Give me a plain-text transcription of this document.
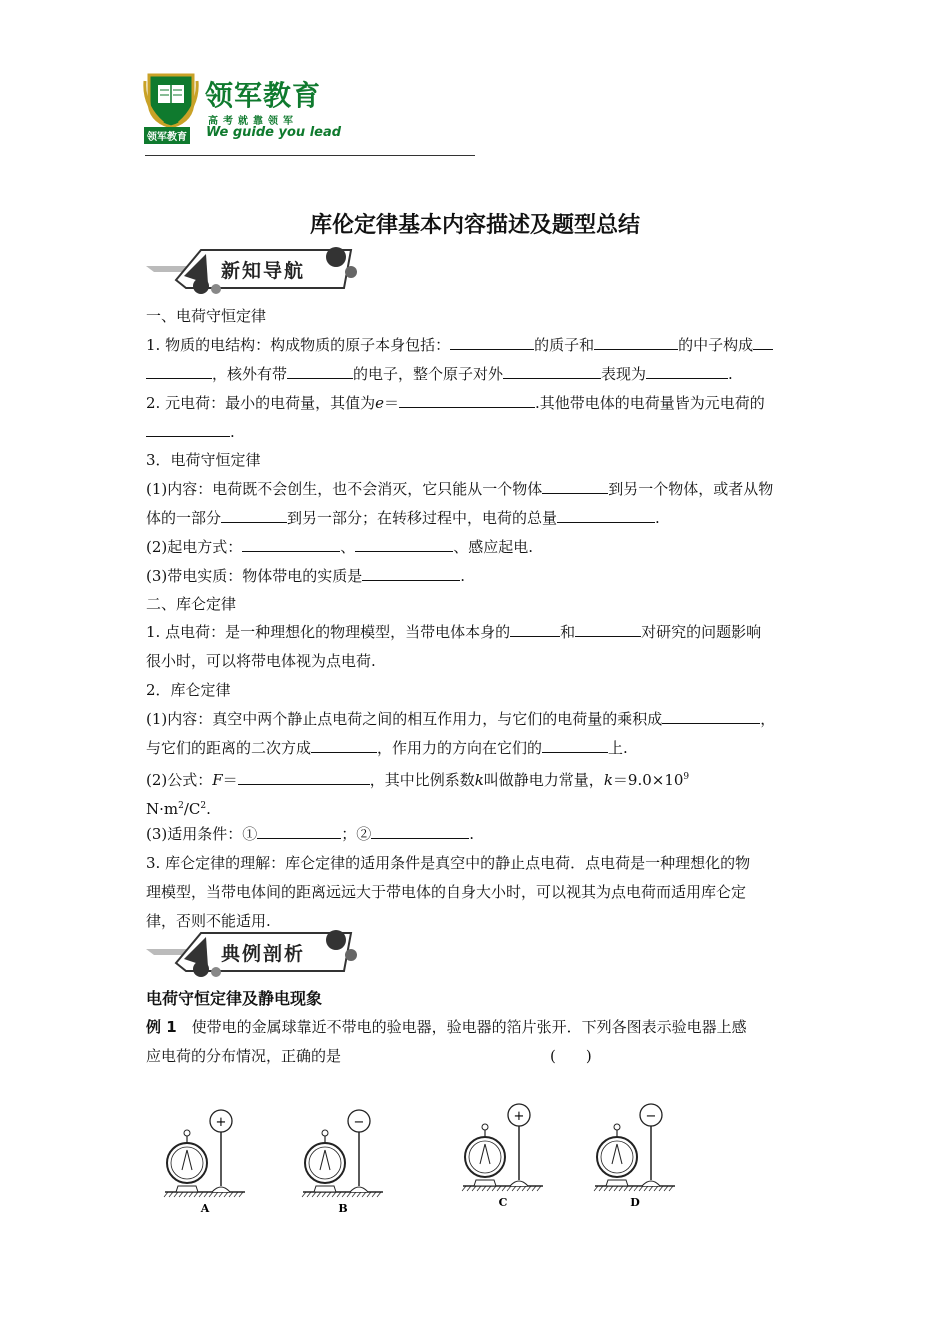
领军教育
领军教育
高考就靠领军
We guide you lead
库伦定律基本内容描述及题型总结
新知导航
一、电荷守恒定律
1. 物质的电结构：构成物质的原子本身包括：	的质子和	的中子构成
，核外有带	的电子，整个原子对外	表现为	.
2. 元电荷：最小的电荷量，其值为e＝	.其他带电体的电荷量皆为元电荷的
.
3．电荷守恒定律
(1)内容：电荷既不会创生，也不会消灭，它只能从一个物体	到另一个物体，或者从物
体的一部分	到另一部分；在转移过程中，电荷的总量	.
(2)起电方式：	、	、感应起电.
(3)带电实质：物体带电的实质是	.
二、库仑定律
1. 点电荷：是一种理想化的物理模型，当带电体本身的	和	对研究的问题影响
很小时，可以将带电体视为点电荷.
2．库仑定律
(1)内容：真空中两个静止点电荷之间的相互作用力，与它们的电荷量的乘积成	，
与它们的距离的二次方成	，作用力的方向在它们的	上.
(2)公式：F＝	，其中比例系数k叫做静电力常量，$k=9.0\times 10^9$
$N\cdot m^2/C^2$.
(3)适用条件：①	；②	.
3. 库仑定律的理解：库仑定律的适用条件是真空中的静止点电荷．点电荷是一种理想化的物
理模型，当带电体间的距离远远大于带电体的自身大小时，可以视其为点电荷而适用库仑定
律，否则不能适用.
典例剖析
电荷守恒定律及静电现象
例 1　使带电的金属球靠近不带电的验电器，验电器的箔片张开．下列各图表示验电器上感
应电荷的分布情况，正确的是	(　　)
+
A
−
B
+
C
−
D
